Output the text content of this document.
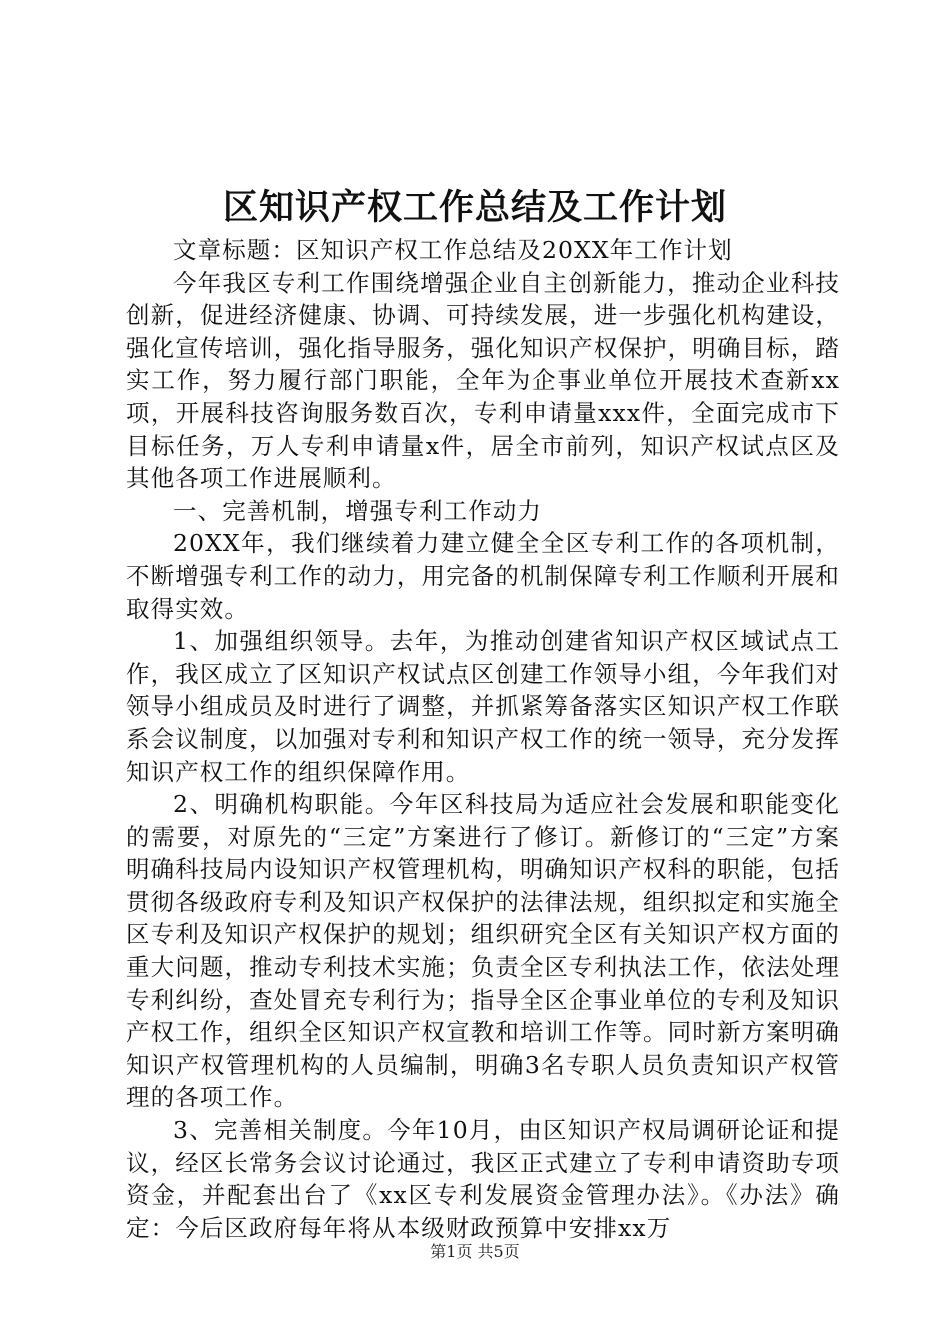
区知识产权工作总结及工作计划

文章标题：区知识产权工作总结及20XX年工作计划

今年我区专利工作围绕增强企业自主创新能力，推动企业科技创新，促进经济健康、协调、可持续发展，进一步强化机构建设，强化宣传培训，强化指导服务，强化知识产权保护，明确目标，踏实工作，努力履行部门职能，全年为企事业单位开展技术查新xx项，开展科技咨询服务数百次，专利申请量xxx件，全面完成市下目标任务，万人专利申请量x件，居全市前列，知识产权试点区及其他各项工作进展顺利。

一、完善机制，增强专利工作动力

20XX年，我们继续着力建立健全全区专利工作的各项机制，不断增强专利工作的动力，用完备的机制保障专利工作顺利开展和取得实效。

1、加强组织领导。去年，为推动创建省知识产权区域试点工作，我区成立了区知识产权试点区创建工作领导小组，今年我们对领导小组成员及时进行了调整，并抓紧筹备落实区知识产权工作联系会议制度，以加强对专利和知识产权工作的统一领导，充分发挥知识产权工作的组织保障作用。

2、明确机构职能。今年区科技局为适应社会发展和职能变化的需要，对原先的“三定”方案进行了修订。新修订的“三定”方案明确科技局内设知识产权管理机构，明确知识产权科的职能，包括贯彻各级政府专利及知识产权保护的法律法规，组织拟定和实施全区专利及知识产权保护的规划；组织研究全区有关知识产权方面的重大问题，推动专利技术实施；负责全区专利执法工作，依法处理专利纠纷，查处冒充专利行为；指导全区企事业单位的专利及知识产权工作，组织全区知识产权宣教和培训工作等。同时新方案明确知识产权管理机构的人员编制，明确3名专职人员负责知识产权管理的各项工作。

3、完善相关制度。今年10月，由区知识产权局调研论证和提议，经区长常务会议讨论通过，我区正式建立了专利申请资助专项资金，并配套出台了《xx区专利发展资金管理办法》。《办法》确定：今后区政府每年将从本级财政预算中安排xx万

第1页 共5页
